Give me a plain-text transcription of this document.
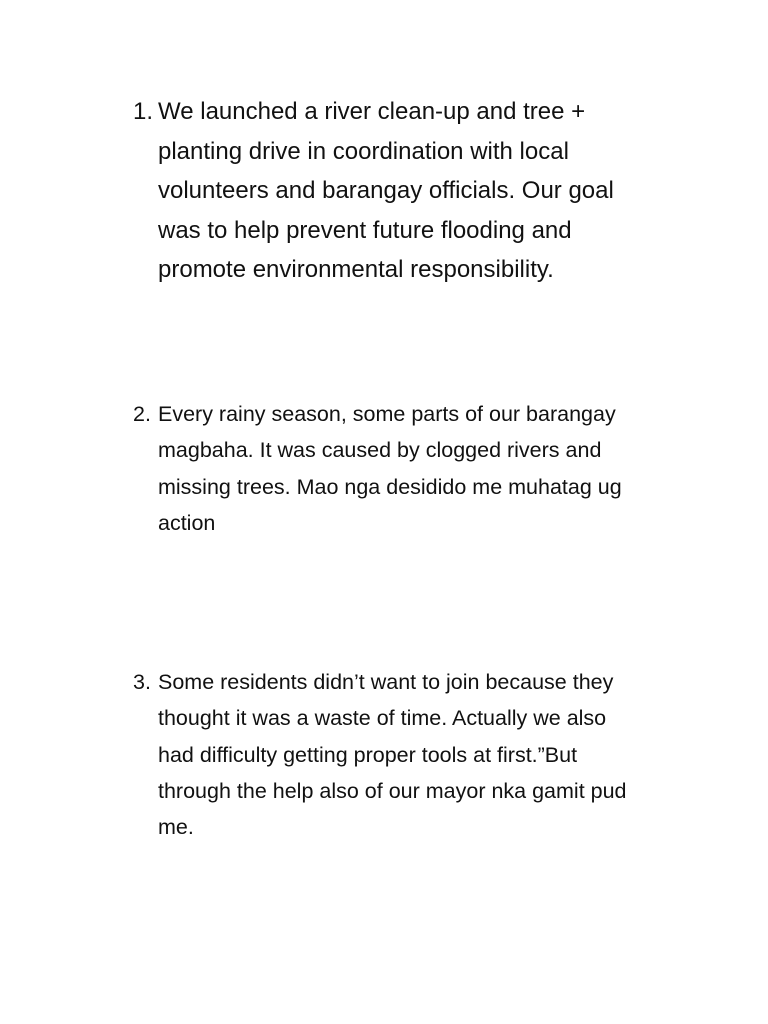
1. We launched a river clean-up and tree +
planting drive in coordination with local
volunteers and barangay officials. Our goal
was to help prevent future flooding and
promote environmental responsibility.
2. Every rainy season, some parts of our barangay
magbaha. It was caused by clogged rivers and
missing trees. Mao nga desidido me muhatag ug
action
3. Some residents didn’t want to join because they
thought it was a waste of time. Actually we also
had difficulty getting proper tools at first.”But
through the help also of our mayor nka gamit pud
me.
